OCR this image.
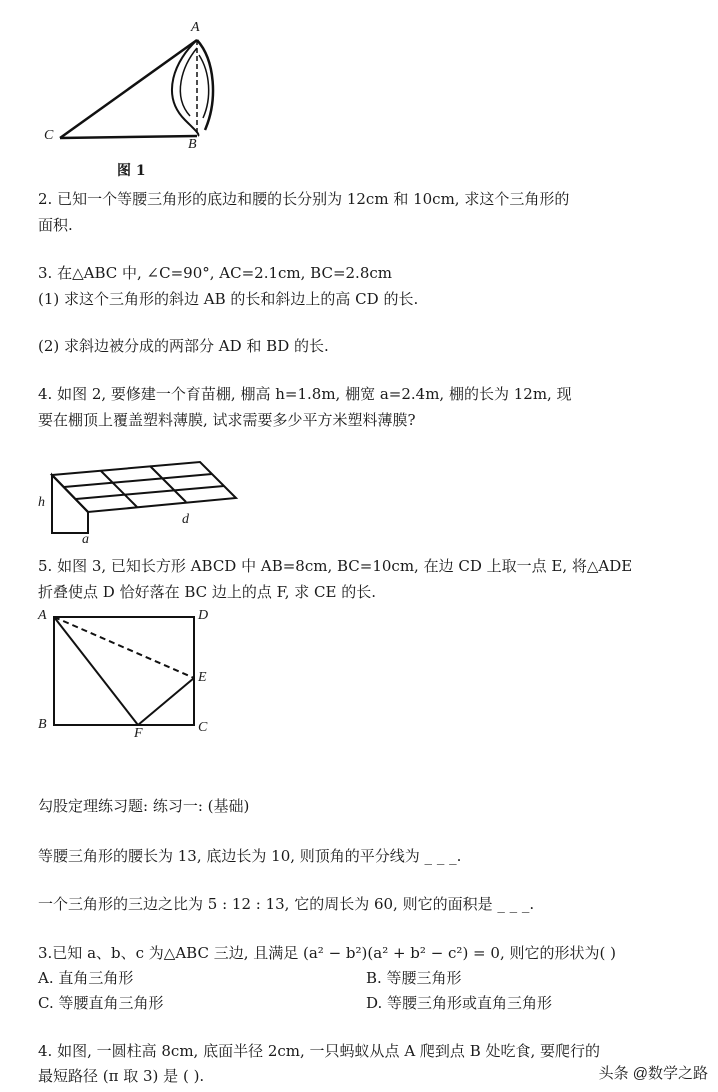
A
B
C
图 1
2. 已知一个等腰三角形的底边和腰的长分别为 12cm 和 10cm, 求这个三角形的
面积.
3. 在△ABC 中, ∠C=90°, AC=2.1cm, BC=2.8cm
(1) 求这个三角形的斜边 AB 的长和斜边上的高 CD 的长.
(2) 求斜边被分成的两部分 AD 和 BD 的长.
4. 如图 2, 要修建一个育苗棚, 棚高 h=1.8m, 棚宽 a=2.4m, 棚的长为 12m, 现
要在棚顶上覆盖塑料薄膜, 试求需要多少平方米塑料薄膜?
h
a
d
5. 如图 3, 已知长方形 ABCD 中 AB=8cm, BC=10cm, 在边 CD 上取一点 E, 将△ADE
折叠使点 D 恰好落在 BC 边上的点 F, 求 CE 的长.
A	D
E
B
F	C
勾股定理练习题: 练习一: (基础)
等腰三角形的腰长为 13, 底边长为 10, 则顶角的平分线为 _ _ _.
一个三角形的三边之比为 5 : 12 : 13, 它的周长为 60, 则它的面积是 _ _ _.
3.已知 a、b、c 为△ABC 三边, 且满足 (a² − b²)(a² + b² − c²) = 0, 则它的形状为( )
A. 直角三角形	B. 等腰三角形
C. 等腰直角三角形	D. 等腰三角形或直角三角形
4. 如图, 一圆柱高 8cm, 底面半径 2cm, 一只蚂蚁从点 A 爬到点 B 处吃食, 要爬行的
最短路径 (π 取 3) 是 ( ).	头条 @数学之路
